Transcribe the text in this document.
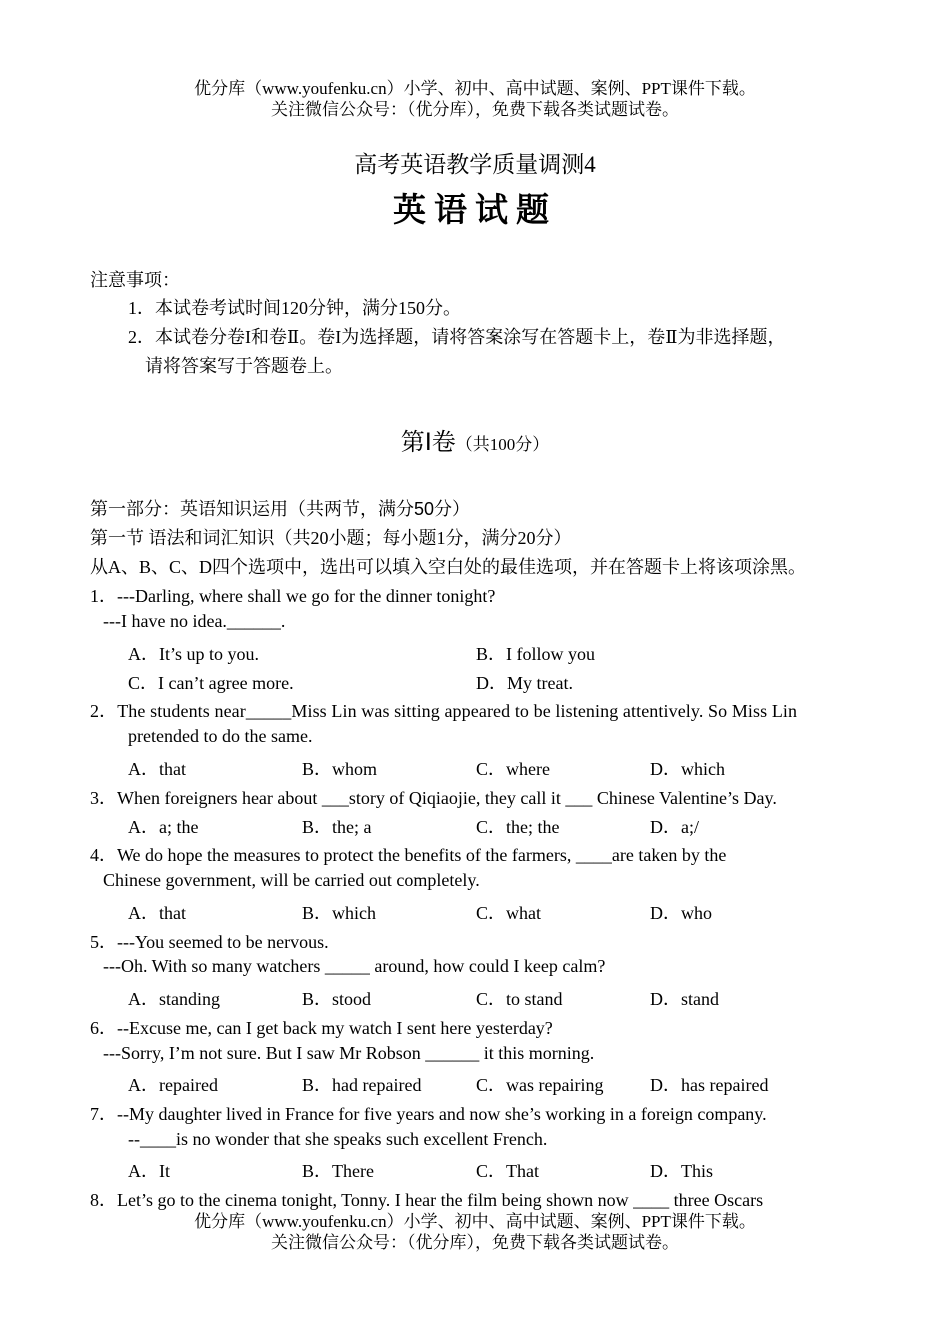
优分库（www.youfenku.cn）小学、初中、高中试题、案例、PPT课件下载。
关注微信公众号：（优分库），免费下载各类试题试卷。
高考英语教学质量调测4
英语试题
注意事项：
1．本试卷考试时间120分钟，满分150分。
2．本试卷分卷I和卷Ⅱ。卷I为选择题，请将答案涂写在答题卡上，卷Ⅱ为非选择题，
请将答案写于答题卷上。
第Ⅰ卷（共100分）
第一部分：英语知识运用（共两节，满分50分）
第一节 语法和词汇知识（共20小题；每小题1分，满分20分）
从A、B、C、D四个选项中，选出可以填入空白处的最佳选项，并在答题卡上将该项涂黑。
1．---Darling, where shall we go for the dinner tonight?
---I have no idea.______.
A．It’s up to you.	B．I follow you
C．I can’t agree more.	D．My treat.
2．The students near_____Miss Lin was sitting appeared to be listening attentively. So Miss Lin
pretended to do the same.
A．that	B．whom	C．where	D．which
3．When foreigners hear about ___story of Qiqiaojie, they call it ___ Chinese Valentine’s Day.
A．a; the	B．the; a	C．the; the	D．a;/
4．We do hope the measures to protect the benefits of the farmers, ____are taken by the
Chinese government, will be carried out completely.
A．that	B．which	C．what	D．who
5．---You seemed to be nervous.
---Oh. With so many watchers _____ around, how could I keep calm?
A．standing	B．stood	C．to stand	D．stand
6．--Excuse me, can I get back my watch I sent here yesterday?
---Sorry, I’m not sure. But I saw Mr Robson ______ it this morning.
A．repaired	B．had repaired	C．was repairing	D．has repaired
7．--My daughter lived in France for five years and now she’s working in a foreign company.
--____is no wonder that she speaks such excellent French.
A．It	B．There	C．That	D．This
8．Let’s go to the cinema tonight, Tonny. I hear the film being shown now ____ three Oscars
优分库（www.youfenku.cn）小学、初中、高中试题、案例、PPT课件下载。
关注微信公众号：（优分库），免费下载各类试题试卷。
